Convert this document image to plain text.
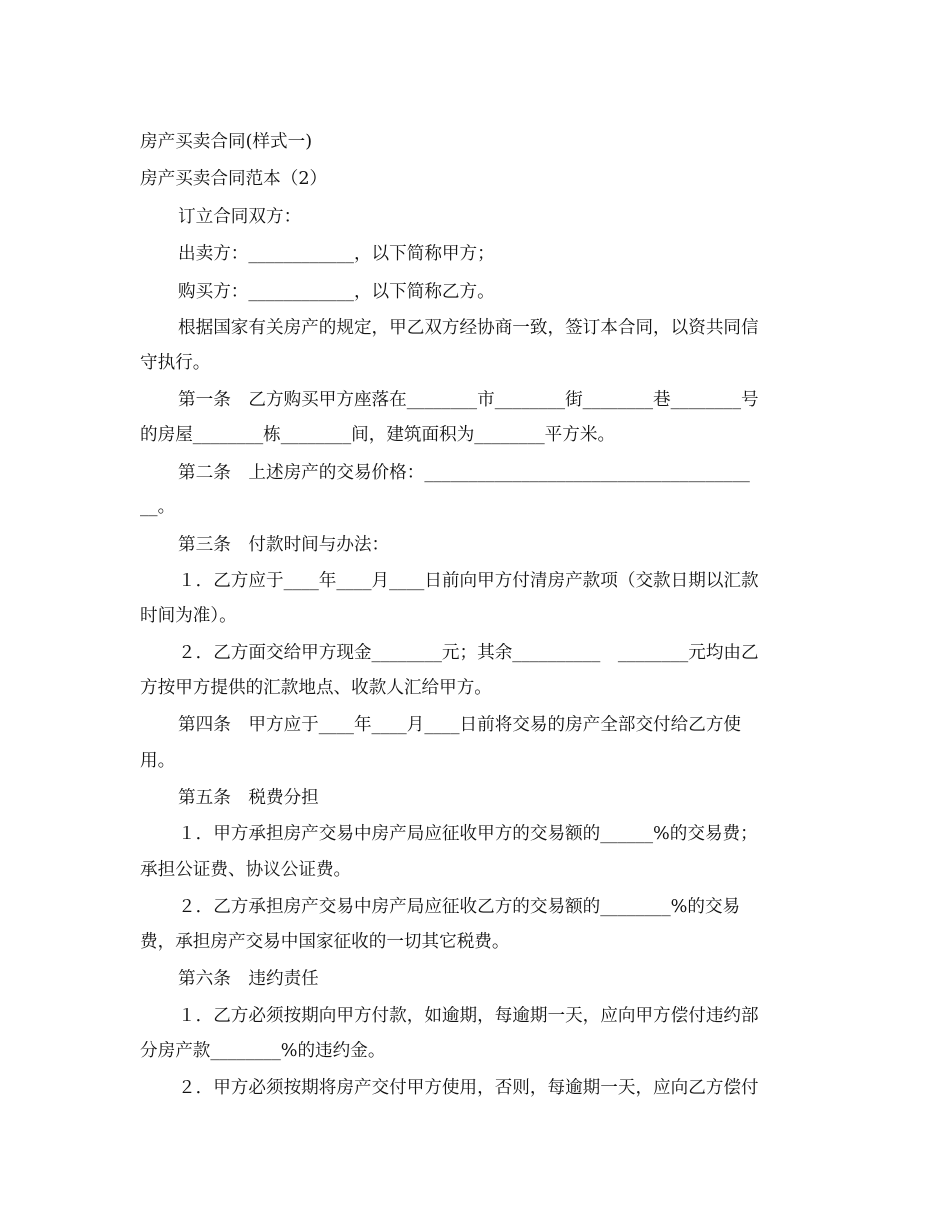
房产买卖合同(样式一)
房产买卖合同范本（2）
订立合同双方：
出卖方：____________，以下简称甲方；
购买方：____________，以下简称乙方。
根据国家有关房产的规定，甲乙双方经协商一致，签订本合同，以资共同信
守执行。
第一条　乙方购买甲方座落在________市________街________巷________号
的房屋________栋________间，建筑面积为________平方米。
第二条　上述房产的交易价格：_____________________________________
__。
第三条　付款时间与办法：
１．乙方应于____年____月____日前向甲方付清房产款项（交款日期以汇款
时间为准）。
２．乙方面交给甲方现金________元；其余__________　________元均由乙
方按甲方提供的汇款地点、收款人汇给甲方。
第四条　甲方应于____年____月____日前将交易的房产全部交付给乙方使
用。
第五条　税费分担
１．甲方承担房产交易中房产局应征收甲方的交易额的______%的交易费；
承担公证费、协议公证费。
２．乙方承担房产交易中房产局应征收乙方的交易额的________%的交易
费，承担房产交易中国家征收的一切其它税费。
第六条　违约责任
１．乙方必须按期向甲方付款，如逾期，每逾期一天，应向甲方偿付违约部
分房产款________%的违约金。
２．甲方必须按期将房产交付甲方使用，否则，每逾期一天，应向乙方偿付
